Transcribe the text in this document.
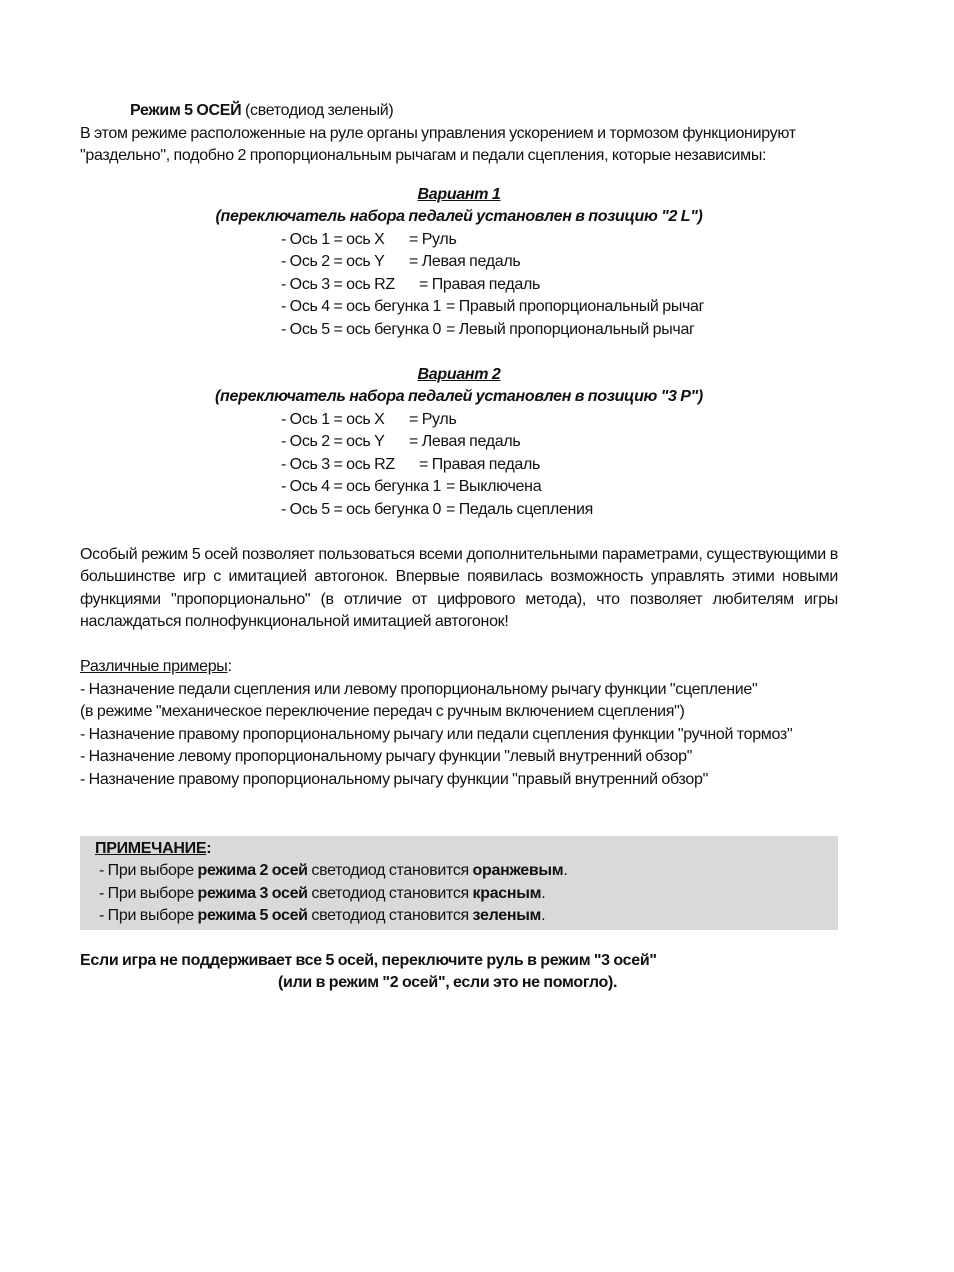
Режим 5 ОСЕЙ (светодиод зеленый)
В этом режиме расположенные на руле органы управления ускорением и тормозом функционируют
"раздельно", подобно 2 пропорциональным рычагам и педали сцепления, которые независимы:
Вариант 1
(переключатель набора педалей установлен в позицию "2 L")
- Ось 1 = ось X = Руль
- Ось 2 = ось Y = Левая педаль
- Ось 3 = ось RZ = Правая педаль
- Ось 4 = ось бегунка 1 = Правый пропорциональный рычаг
- Ось 5 = ось бегунка 0 = Левый пропорциональный рычаг
Вариант 2
(переключатель набора педалей установлен в позицию "3 P")
- Ось 1 = ось X = Руль
- Ось 2 = ось Y = Левая педаль
- Ось 3 = ось RZ = Правая педаль
- Ось 4 = ось бегунка 1 = Выключена
- Ось 5 = ось бегунка 0 = Педаль сцепления
Особый режим 5 осей позволяет пользоваться всеми дополнительными параметрами, существующими в большинстве игр с имитацией автогонок. Впервые появилась возможность управлять этими новыми функциями "пропорционально" (в отличие от цифрового метода), что позволяет любителям игры наслаждаться полнофункциональной имитацией автогонок!
Различные примеры:
- Назначение педали сцепления или левому пропорциональному рычагу функции "сцепление"
(в режиме "механическое переключение передач с ручным включением сцепления")
- Назначение правому пропорциональному рычагу или педали сцепления функции "ручной тормоз"
- Назначение левому пропорциональному рычагу функции "левый внутренний обзор"
- Назначение правому пропорциональному рычагу функции "правый внутренний обзор"
ПРИМЕЧАНИЕ:
- При выборе режима 2 осей светодиод становится оранжевым.
- При выборе режима 3 осей светодиод становится красным.
- При выборе режима 5 осей светодиод становится зеленым.
Если игра не поддерживает все 5 осей, переключите руль в режим "3 осей"
(или в режим "2 осей", если это не помогло).
